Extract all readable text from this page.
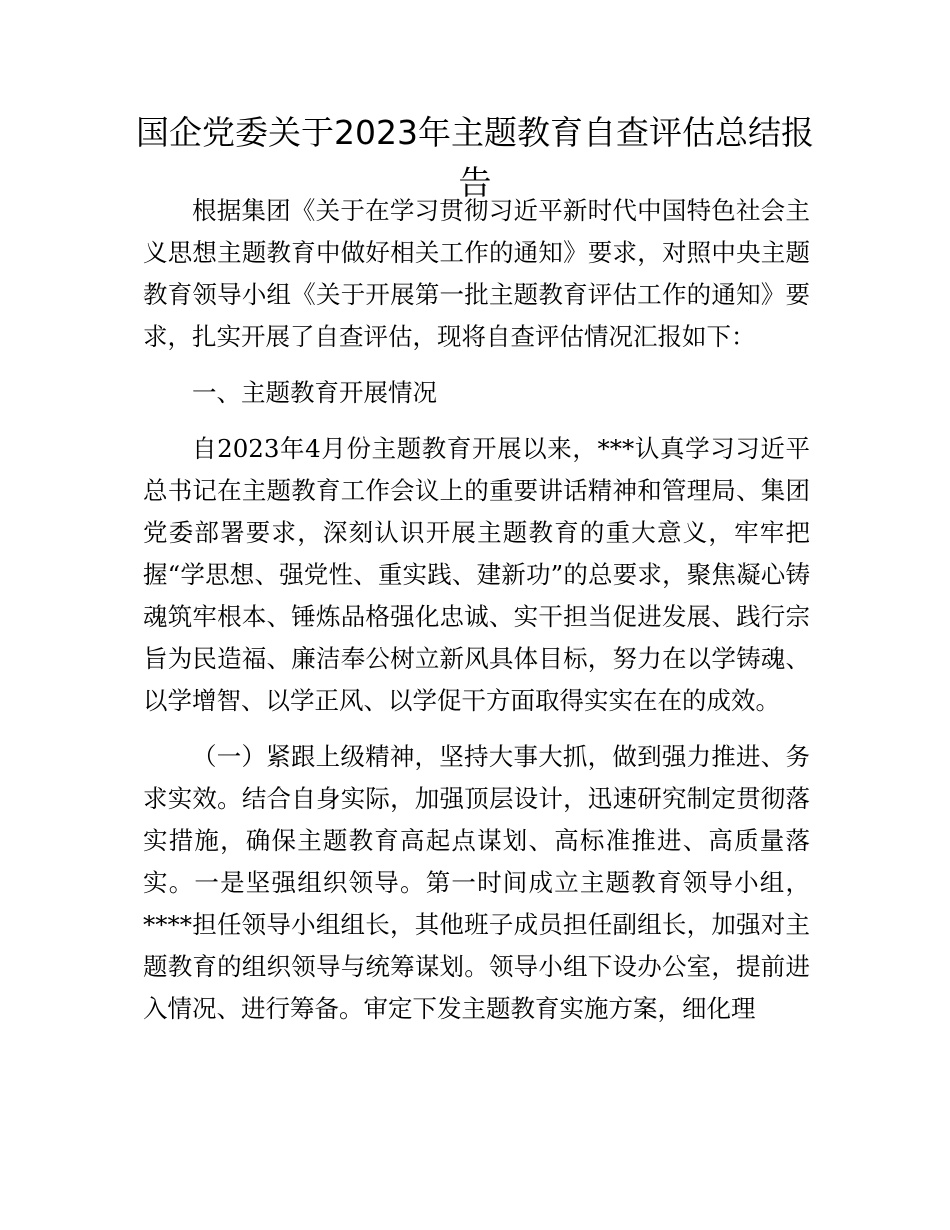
国企党委关于2023年主题教育自查评估总结报告

根据集团《关于在学习贯彻习近平新时代中国特色社会主义思想主题教育中做好相关工作的通知》要求，对照中央主题教育领导小组《关于开展第一批主题教育评估工作的通知》要求，扎实开展了自查评估，现将自查评估情况汇报如下：

一、主题教育开展情况

自2023年4月份主题教育开展以来，***认真学习习近平总书记在主题教育工作会议上的重要讲话精神和管理局、集团党委部署要求，深刻认识开展主题教育的重大意义，牢牢把握“学思想、强党性、重实践、建新功”的总要求，聚焦凝心铸魂筑牢根本、锤炼品格强化忠诚、实干担当促进发展、践行宗旨为民造福、廉洁奉公树立新风具体目标，努力在以学铸魂、以学增智、以学正风、以学促干方面取得实实在在的成效。

（一）紧跟上级精神，坚持大事大抓，做到强力推进、务求实效。结合自身实际，加强顶层设计，迅速研究制定贯彻落实措施，确保主题教育高起点谋划、高标准推进、高质量落实。一是坚强组织领导。第一时间成立主题教育领导小组，****担任领导小组组长，其他班子成员担任副组长，加强对主题教育的组织领导与统筹谋划。领导小组下设办公室，提前进入情况、进行筹备。审定下发主题教育实施方案，细化理
